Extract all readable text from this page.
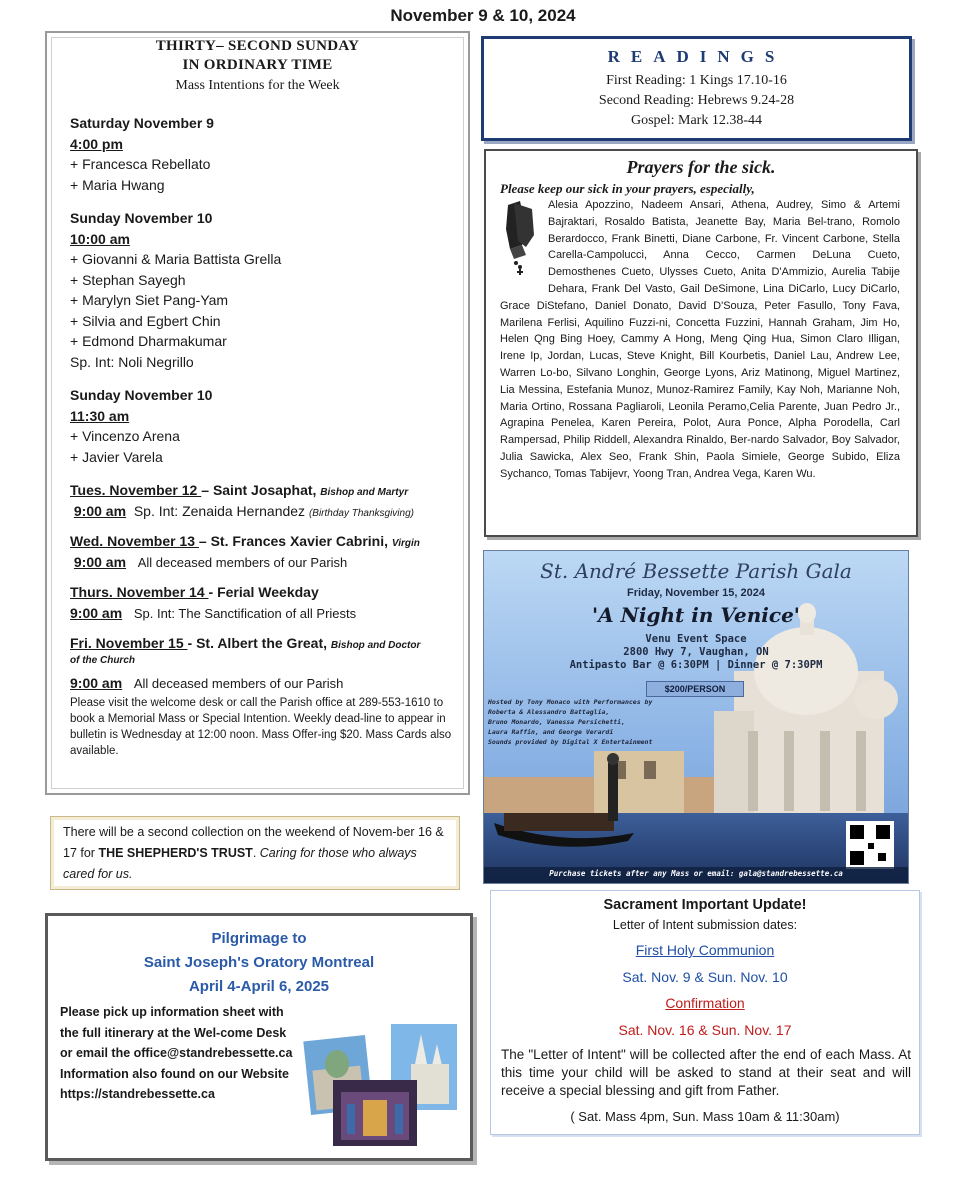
November 9 & 10, 2024
THIRTY– SECOND SUNDAY
IN ORDINARY TIME
Mass Intentions for the Week
Saturday November 9
4:00 pm
+ Francesca Rebellato
+ Maria Hwang
Sunday November 10
10:00 am
+ Giovanni & Maria Battista Grella
+ Stephan Sayegh
+ Marylyn Siet Pang-Yam
+ Silvia and Egbert Chin
+ Edmond Dharmakumar
Sp. Int: Noli Negrillo
Sunday November 10
11:30 am
+ Vincenzo Arena
+ Javier Varela
Tues. November 12 – Saint Josaphat, Bishop and Martyr
9:00 am Sp. Int: Zenaida Hernandez (Birthday Thanksgiving)
Wed. November 13 – St. Frances Xavier Cabrini, Virgin
9:00 am All deceased members of our Parish
Thurs. November 14 - Ferial Weekday
9:00 am Sp. Int: The Sanctification of all Priests
Fri. November 15 - St. Albert the Great, Bishop and Doctor
of the Church
9:00 am All deceased members of our Parish
Please visit the welcome desk or call the Parish office at 289-553-1610 to book a Memorial Mass or Special Intention. Weekly dead-line to appear in bulletin is Wednesday at 12:00 noon. Mass Offer-ing $20. Mass Cards also available.
There will be a second collection on the weekend of Novem-ber 16 & 17 for THE SHEPHERD'S TRUST. Caring for those who always cared for us.
Pilgrimage to
Saint Joseph's Oratory Montreal
April 4-April 6, 2025
Please pick up information sheet with the full itinerary at the Wel-come Desk or email the office@standrebessette.ca Information also found on our Website https://standrebessette.ca
READINGS
First Reading: 1 Kings 17.10-16
Second Reading: Hebrews 9.24-28
Gospel: Mark 12.38-44
Prayers for the sick.
Please keep our sick in your prayers, especially,
Alesia Apozzino, Nadeem Ansari, Athena, Audrey, Simo & Artemi Bajraktari, Rosaldo Batista, Jeanette Bay, Maria Bel-trano, Romolo Berardocco, Frank Binetti, Diane Carbone, Fr. Vincent Carbone, Stella Carella-Campolucci, Anna Cecco, Carmen DeLuna Cueto, Demosthenes Cueto, Ulysses Cueto, Anita D'Ammizio, Aurelia Tabije Dehara, Frank Del Vasto, Gail DeSimone, Lina DiCarlo, Lucy DiCarlo, Grace DiStefano, Daniel Donato, David D'Souza, Peter Fasullo, Tony Fava, Marilena Ferlisi, Aquilino Fuzzi-ni, Concetta Fuzzini, Hannah Graham, Jim Ho, Helen Qng Bing Hoey, Cammy A Hong, Meng Qing Hua, Simon Claro Illigan, Irene Ip, Jordan, Lucas, Steve Knight, Bill Kourbetis, Daniel Lau, Andrew Lee, Warren Lo-bo, Silvano Longhin, George Lyons, Ariz Matinong, Miguel Martinez, Lia Messina, Estefania Munoz, Munoz-Ramirez Family, Kay Noh, Marianne Noh, Maria Ortino, Rossana Pagliaroli, Leonila Peramo,Celia Parente, Juan Pedro Jr., Agrapina Penelea, Karen Pereira, Polot, Aura Ponce, Alpha Porodella, Carl Rampersad, Philip Riddell, Alexandra Rinaldo, Ber-nardo Salvador, Boy Salvador, Julia Sawicka, Alex Seo, Frank Shin, Paola Simiele, George Subido, Eliza Sychanco, Tomas Tabijevr, Yoong Tran, Andrea Vega, Karen Wu.
St. André Bessette Parish Gala
Friday, November 15, 2024
'A Night in Venice'
Venu Event Space
2800 Hwy 7, Vaughan, ON
Antipasto Bar @ 6:30PM | Dinner @ 7:30PM
$200/PERSON
Hosted by Tony Monaco with Performances by
Roberta & Alessandro Battaglia,
Bruno Monardo, Vanessa Persichetti,
Laura Raffin, and George Verardi
Sounds provided by Digital X Entertainment
Purchase tickets after any Mass or email: gala@standrebessette.ca
Sacrament Important Update!
Letter of Intent submission dates:
First Holy Communion
Sat. Nov. 9 & Sun. Nov. 10
Confirmation
Sat. Nov. 16 & Sun. Nov. 17
The "Letter of Intent" will be collected after the end of each Mass. At this time your child will be asked to stand at their seat and will receive a special blessing and gift from Father.
( Sat. Mass 4pm, Sun. Mass 10am & 11:30am)
